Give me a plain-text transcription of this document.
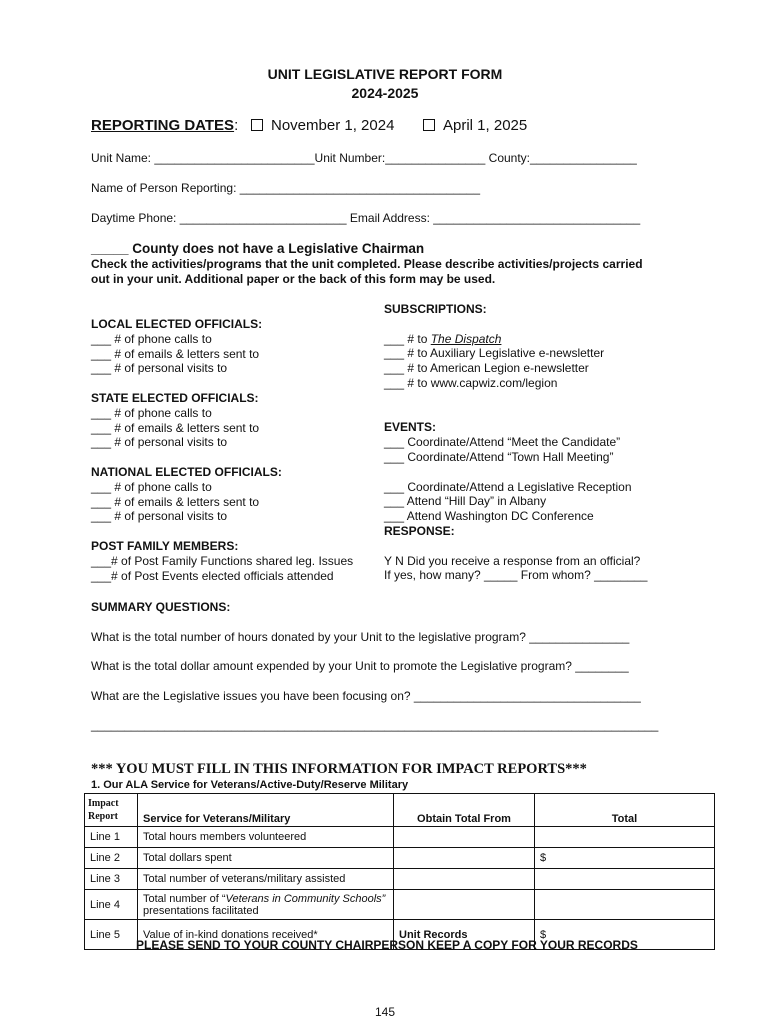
UNIT LEGISLATIVE REPORT FORM
2024-2025
REPORTING DATES:	November 1, 2024	April 1, 2025
Unit Name: ________________________Unit Number:_______________ County:________________
Name of Person Reporting: ____________________________________
Daytime Phone: _________________________ Email Address: _______________________________
_____ County does not have a Legislative Chairman
Check the activities/programs that the unit completed. Please describe activities/projects carried
out in your unit. Additional paper or the back of this form may be used.
LOCAL ELECTED OFFICIALS:
___ # of phone calls to
___ # of emails & letters sent to
___ # of personal visits to
STATE ELECTED OFFICIALS:
___ # of phone calls to
___ # of emails & letters sent to
___ # of personal visits to
NATIONAL ELECTED OFFICIALS:
___ # of phone calls to
___ # of emails & letters sent to
___ # of personal visits to
POST FAMILY MEMBERS:
___# of Post Family Functions shared leg. Issues
___# of Post Events elected officials attended
SUBSCRIPTIONS:
___ # to The Dispatch
___ # to Auxiliary Legislative e-newsletter
___ # to American Legion e-newsletter
___ # to www.capwiz.com/legion
EVENTS:
___ Coordinate/Attend “Meet the Candidate”
___ Coordinate/Attend “Town Hall Meeting”
___ Coordinate/Attend a Legislative Reception
___ Attend “Hill Day” in Albany
___ Attend Washington DC Conference
RESPONSE:
Y N Did you receive a response from an official?
If yes, how many? _____ From whom? ________
SUMMARY QUESTIONS:
What is the total number of hours donated by your Unit to the legislative program? _______________
What is the total dollar amount expended by your Unit to promote the Legislative program? ________
What are the Legislative issues you have been focusing on? __________________________________
_____________________________________________________________________________________
*** YOU MUST FILL IN THIS INFORMATION FOR IMPACT REPORTS***
1. Our ALA Service for Veterans/Active-Duty/Reserve Military
Impact Report	Service for Veterans/Military	Obtain Total From	Total
Line 1	Total hours members volunteered		
Line 2	Total dollars spent		$
Line 3	Total number of veterans/military assisted		
Line 4	Total number of “Veterans in Community Schools” presentations facilitated		
Line 5	Value of in-kind donations received*	Unit Records	$
PLEASE SEND TO YOUR COUNTY CHAIRPERSON KEEP A COPY FOR YOUR RECORDS
145
